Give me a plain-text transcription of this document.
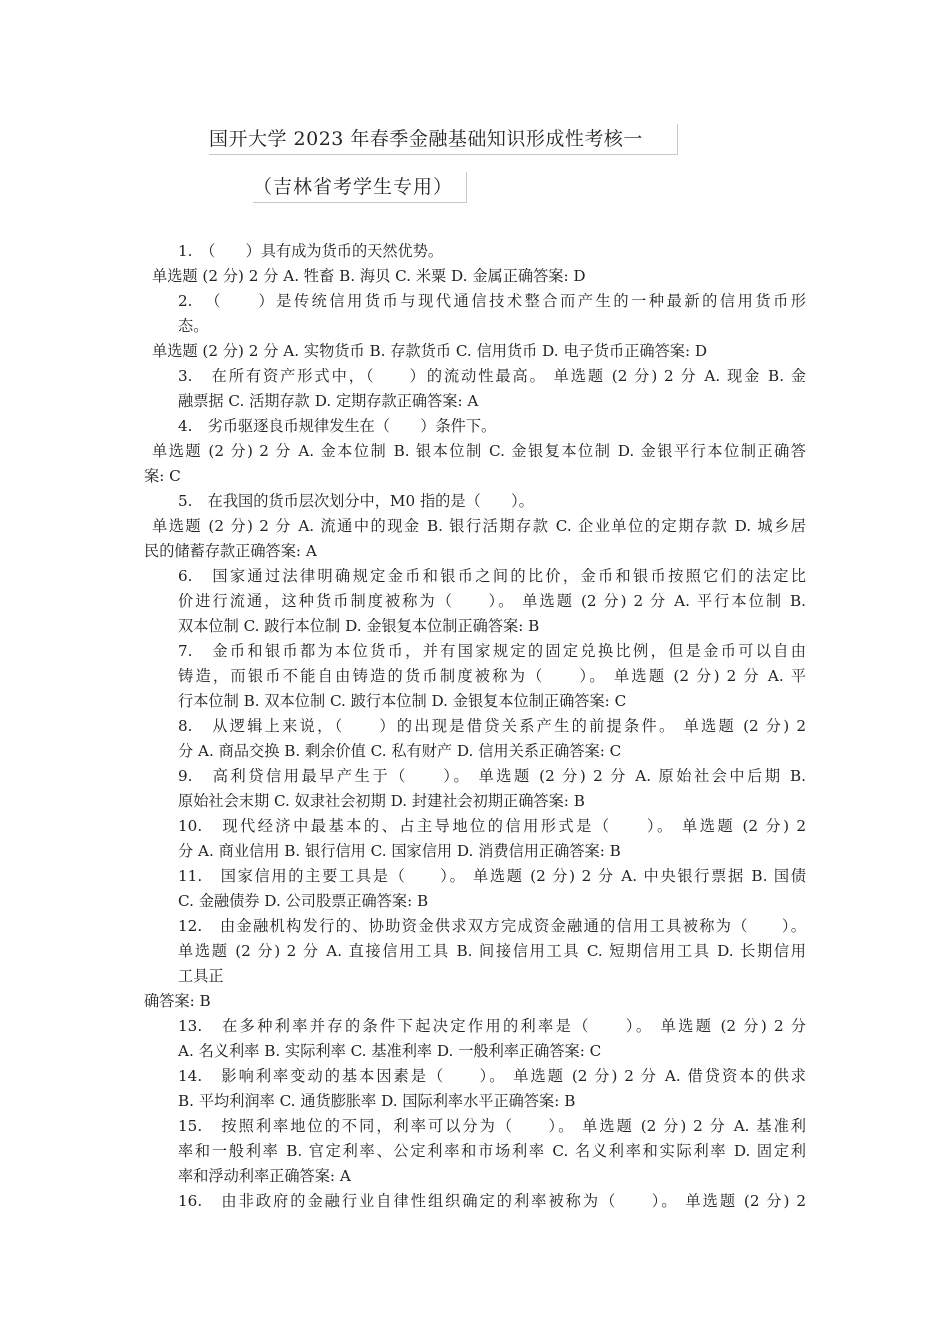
国开大学 2023 年春季金融基础知识形成性考核一
（吉林省考学生专用）
1.　（　　）具有成为货币的天然优势。
单选题 (2 分) 2 分 A. 牲畜 B. 海贝 C. 米粟 D. 金属正确答案: D
2.　（　　）是传统信用货币与现代通信技术整合而产生的一种最新的信用货币形
态。
单选题 (2 分) 2 分 A. 实物货币 B. 存款货币 C. 信用货币 D. 电子货币正确答案: D
3.　在所有资产形式中，（　　）的流动性最高。 单选题 (2 分) 2 分 A. 现金 B. 金
融票据 C. 活期存款 D. 定期存款正确答案: A
4.　劣币驱逐良币规律发生在（　　）条件下。
单选题 (2 分) 2 分 A. 金本位制 B. 银本位制 C. 金银复本位制 D. 金银平行本位制正确答
案: C
5.　在我国的货币层次划分中，M0 指的是（　　）。
单选题 (2 分) 2 分 A. 流通中的现金 B. 银行活期存款 C. 企业单位的定期存款 D. 城乡居
民的储蓄存款正确答案: A
6.　国家通过法律明确规定金币和银币之间的比价，金币和银币按照它们的法定比
价进行流通，这种货币制度被称为（　　）。 单选题 (2 分) 2 分 A. 平行本位制 B.
双本位制 C. 跛行本位制 D. 金银复本位制正确答案: B
7.　金币和银币都为本位货币，并有国家规定的固定兑换比例，但是金币可以自由
铸造，而银币不能自由铸造的货币制度被称为（　　）。 单选题 (2 分) 2 分 A. 平
行本位制 B. 双本位制 C. 跛行本位制 D. 金银复本位制正确答案: C
8.　从逻辑上来说，（　　）的出现是借贷关系产生的前提条件。 单选题 (2 分) 2
分 A. 商品交换 B. 剩余价值 C. 私有财产 D. 信用关系正确答案: C
9.　高利贷信用最早产生于（　　）。 单选题 (2 分) 2 分 A. 原始社会中后期 B.
原始社会末期 C. 奴隶社会初期 D. 封建社会初期正确答案: B
10.　现代经济中最基本的、占主导地位的信用形式是（　　）。 单选题 (2 分) 2
分 A. 商业信用 B. 银行信用 C. 国家信用 D. 消费信用正确答案: B
11.　国家信用的主要工具是（　　）。 单选题 (2 分) 2 分 A. 中央银行票据 B. 国债
C. 金融债券 D. 公司股票正确答案: B
12.　由金融机构发行的、协助资金供求双方完成资金融通的信用工具被称为（　　）。
单选题 (2 分) 2 分 A. 直接信用工具 B. 间接信用工具 C. 短期信用工具 D. 长期信用
工具正
确答案: B
13.　在多种利率并存的条件下起决定作用的利率是（　　）。 单选题 (2 分) 2 分
A. 名义利率 B. 实际利率 C. 基准利率 D. 一般利率正确答案: C
14.　影响利率变动的基本因素是（　　）。 单选题 (2 分) 2 分 A. 借贷资本的供求
B. 平均利润率 C. 通货膨胀率 D. 国际利率水平正确答案: B
15.　按照利率地位的不同，利率可以分为（　　）。 单选题 (2 分) 2 分 A. 基准利
率和一般利率 B. 官定利率、公定利率和市场利率 C. 名义利率和实际利率 D. 固定利
率和浮动利率正确答案: A
16.　由非政府的金融行业自律性组织确定的利率被称为（　　）。 单选题 (2 分) 2
